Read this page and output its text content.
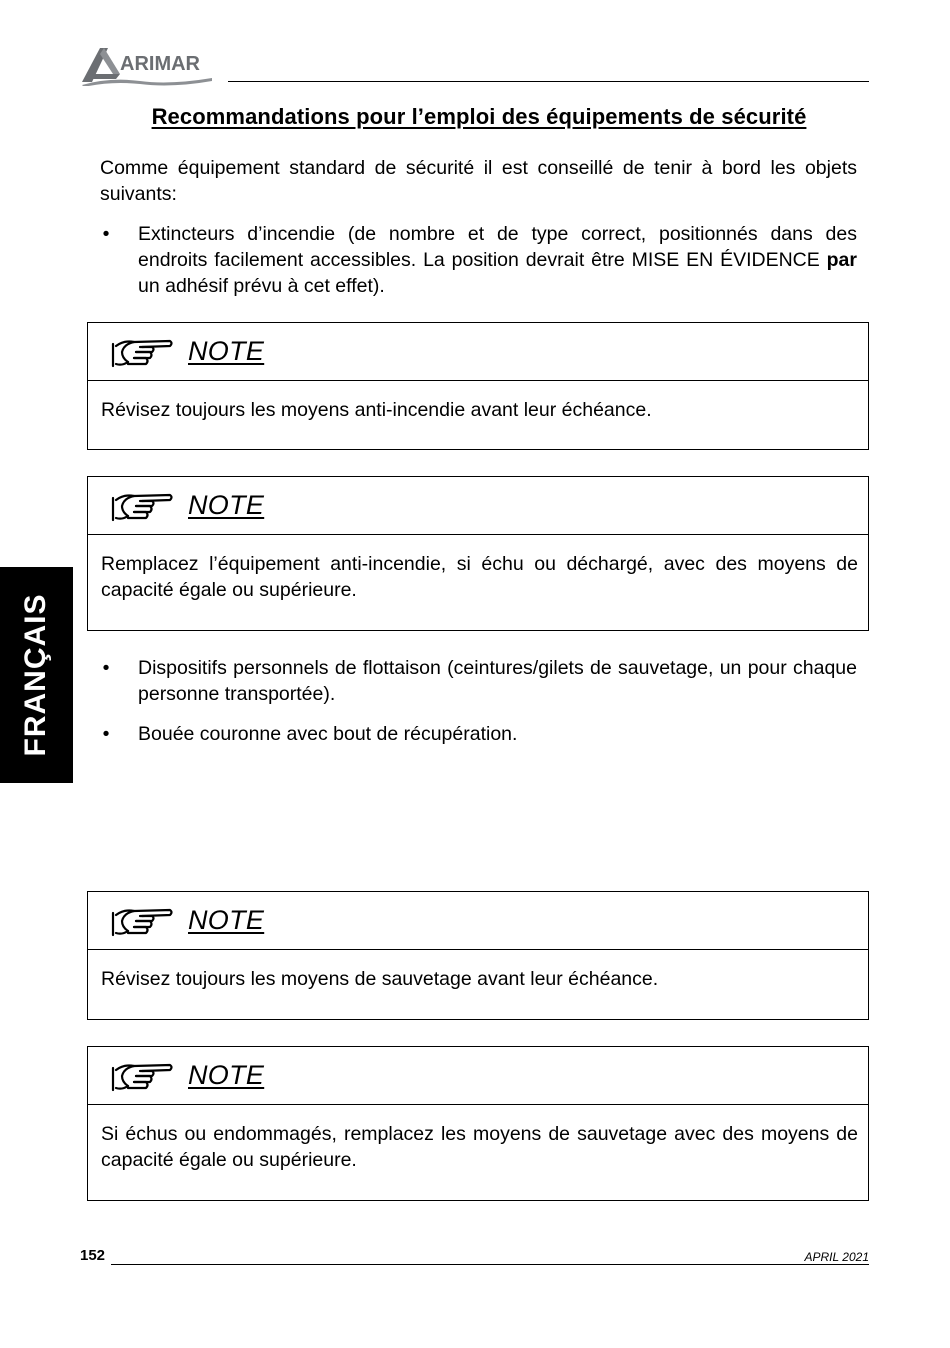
ARIMAR
Recommandations pour l’emploi des équipements de sécurité

Comme équipement standard de sécurité il est conseillé de tenir à bord les objets suivants:

• Extincteurs d’incendie (de nombre et de type correct, positionnés dans des endroits facilement accessibles. La position devrait être MISE EN ÉVIDENCE par un adhésif prévu à cet effet).
NOTE
Révisez toujours les moyens anti-incendie avant leur échéance.
NOTE
Remplacez l’équipement anti-incendie, si échu ou déchargé, avec des moyens de capacité égale ou supérieure.
• Dispositifs personnels de flottaison (ceintures/gilets de sauvetage, un pour chaque personne transportée).
• Bouée couronne avec bout de récupération.
FRANÇAIS
NOTE
Révisez toujours les moyens de sauvetage avant leur échéance.
NOTE
Si échus ou endommagés, remplacez les moyens de sauvetage avec des moyens de capacité égale ou supérieure.
152	APRIL 2021
